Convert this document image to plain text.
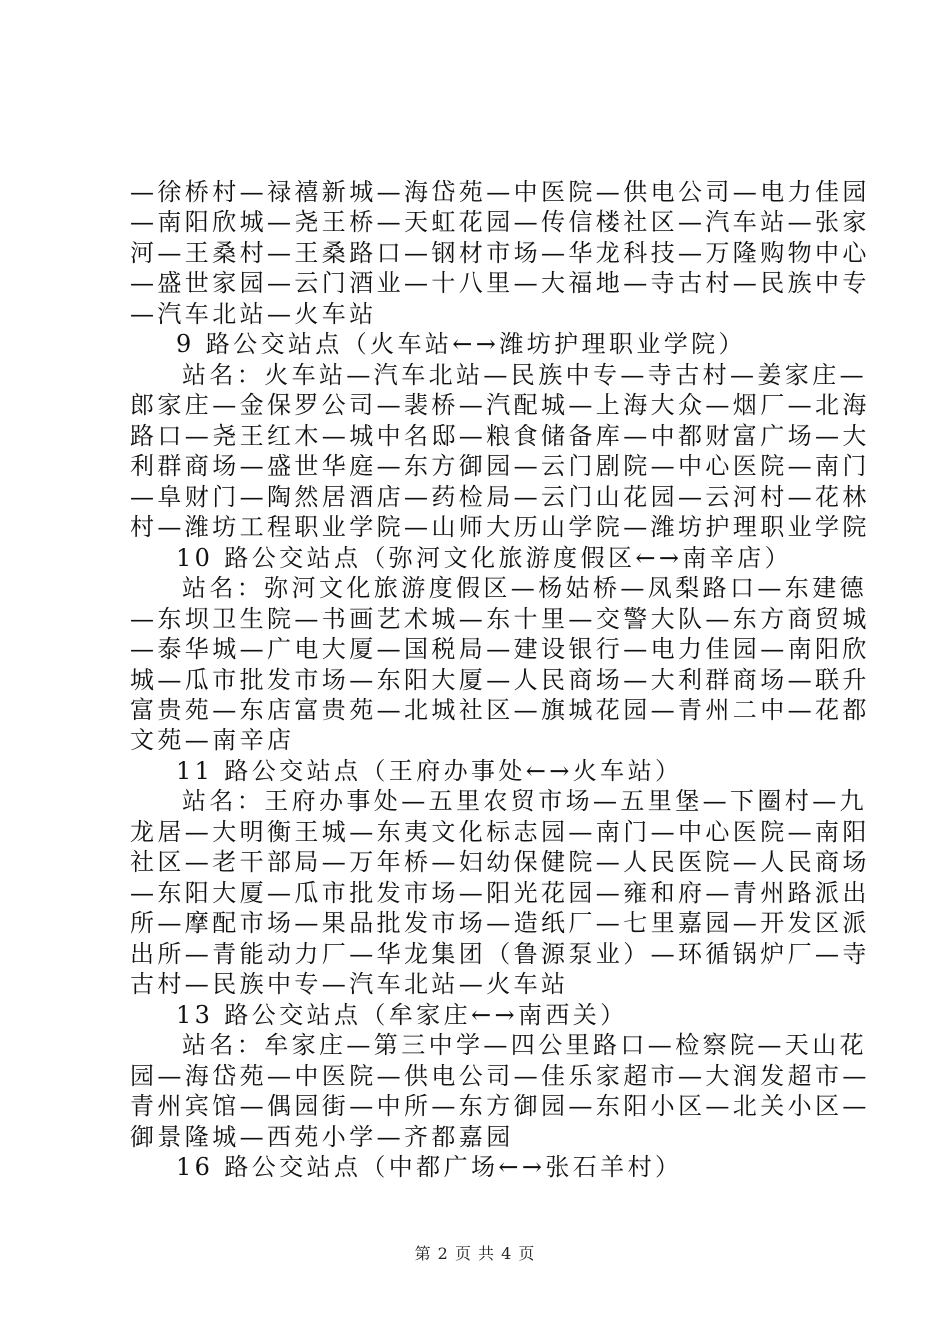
—徐桥村—禄禧新城—海岱苑—中医院—供电公司—电力佳园
—南阳欣城—尧王桥—天虹花园—传信楼社区—汽车站—张家
河—王桑村—王桑路口—钢材市场—华龙科技—万隆购物中心
—盛世家园—云门酒业—十八里—大福地—寺古村—民族中专
—汽车北站—火车站
9 路公交站点（火车站←→潍坊护理职业学院）
站名：火车站—汽车北站—民族中专—寺古村—姜家庄—
郎家庄—金保罗公司—裴桥—汽配城—上海大众—烟厂—北海
路口—尧王红木—城中名邸—粮食储备库—中都财富广场—大
利群商场—盛世华庭—东方御园—云门剧院—中心医院—南门
—阜财门—陶然居酒店—药检局—云门山花园—云河村—花林
村—潍坊工程职业学院—山师大历山学院—潍坊护理职业学院
10 路公交站点（弥河文化旅游度假区←→南辛店）
站名：弥河文化旅游度假区—杨姑桥—凤梨路口—东建德
—东坝卫生院—书画艺术城—东十里—交警大队—东方商贸城
—泰华城—广电大厦—国税局—建设银行—电力佳园—南阳欣
城—瓜市批发市场—东阳大厦—人民商场—大利群商场—联升
富贵苑—东店富贵苑—北城社区—旗城花园—青州二中—花都
文苑—南辛店
11 路公交站点（王府办事处←→火车站）
站名：王府办事处—五里农贸市场—五里堡—下圈村—九
龙居—大明衡王城—东夷文化标志园—南门—中心医院—南阳
社区—老干部局—万年桥—妇幼保健院—人民医院—人民商场
—东阳大厦—瓜市批发市场—阳光花园—雍和府—青州路派出
所—摩配市场—果品批发市场—造纸厂—七里嘉园—开发区派
出所—青能动力厂—华龙集团（鲁源泵业）—环循锅炉厂—寺
古村—民族中专—汽车北站—火车站
13 路公交站点（牟家庄←→南西关）
站名：牟家庄—第三中学—四公里路口—检察院—天山花
园—海岱苑—中医院—供电公司—佳乐家超市—大润发超市—
青州宾馆—偶园街—中所—东方御园—东阳小区—北关小区—
御景隆城—西苑小学—齐都嘉园
16 路公交站点（中都广场←→张石羊村）
第 2 页 共 4 页
